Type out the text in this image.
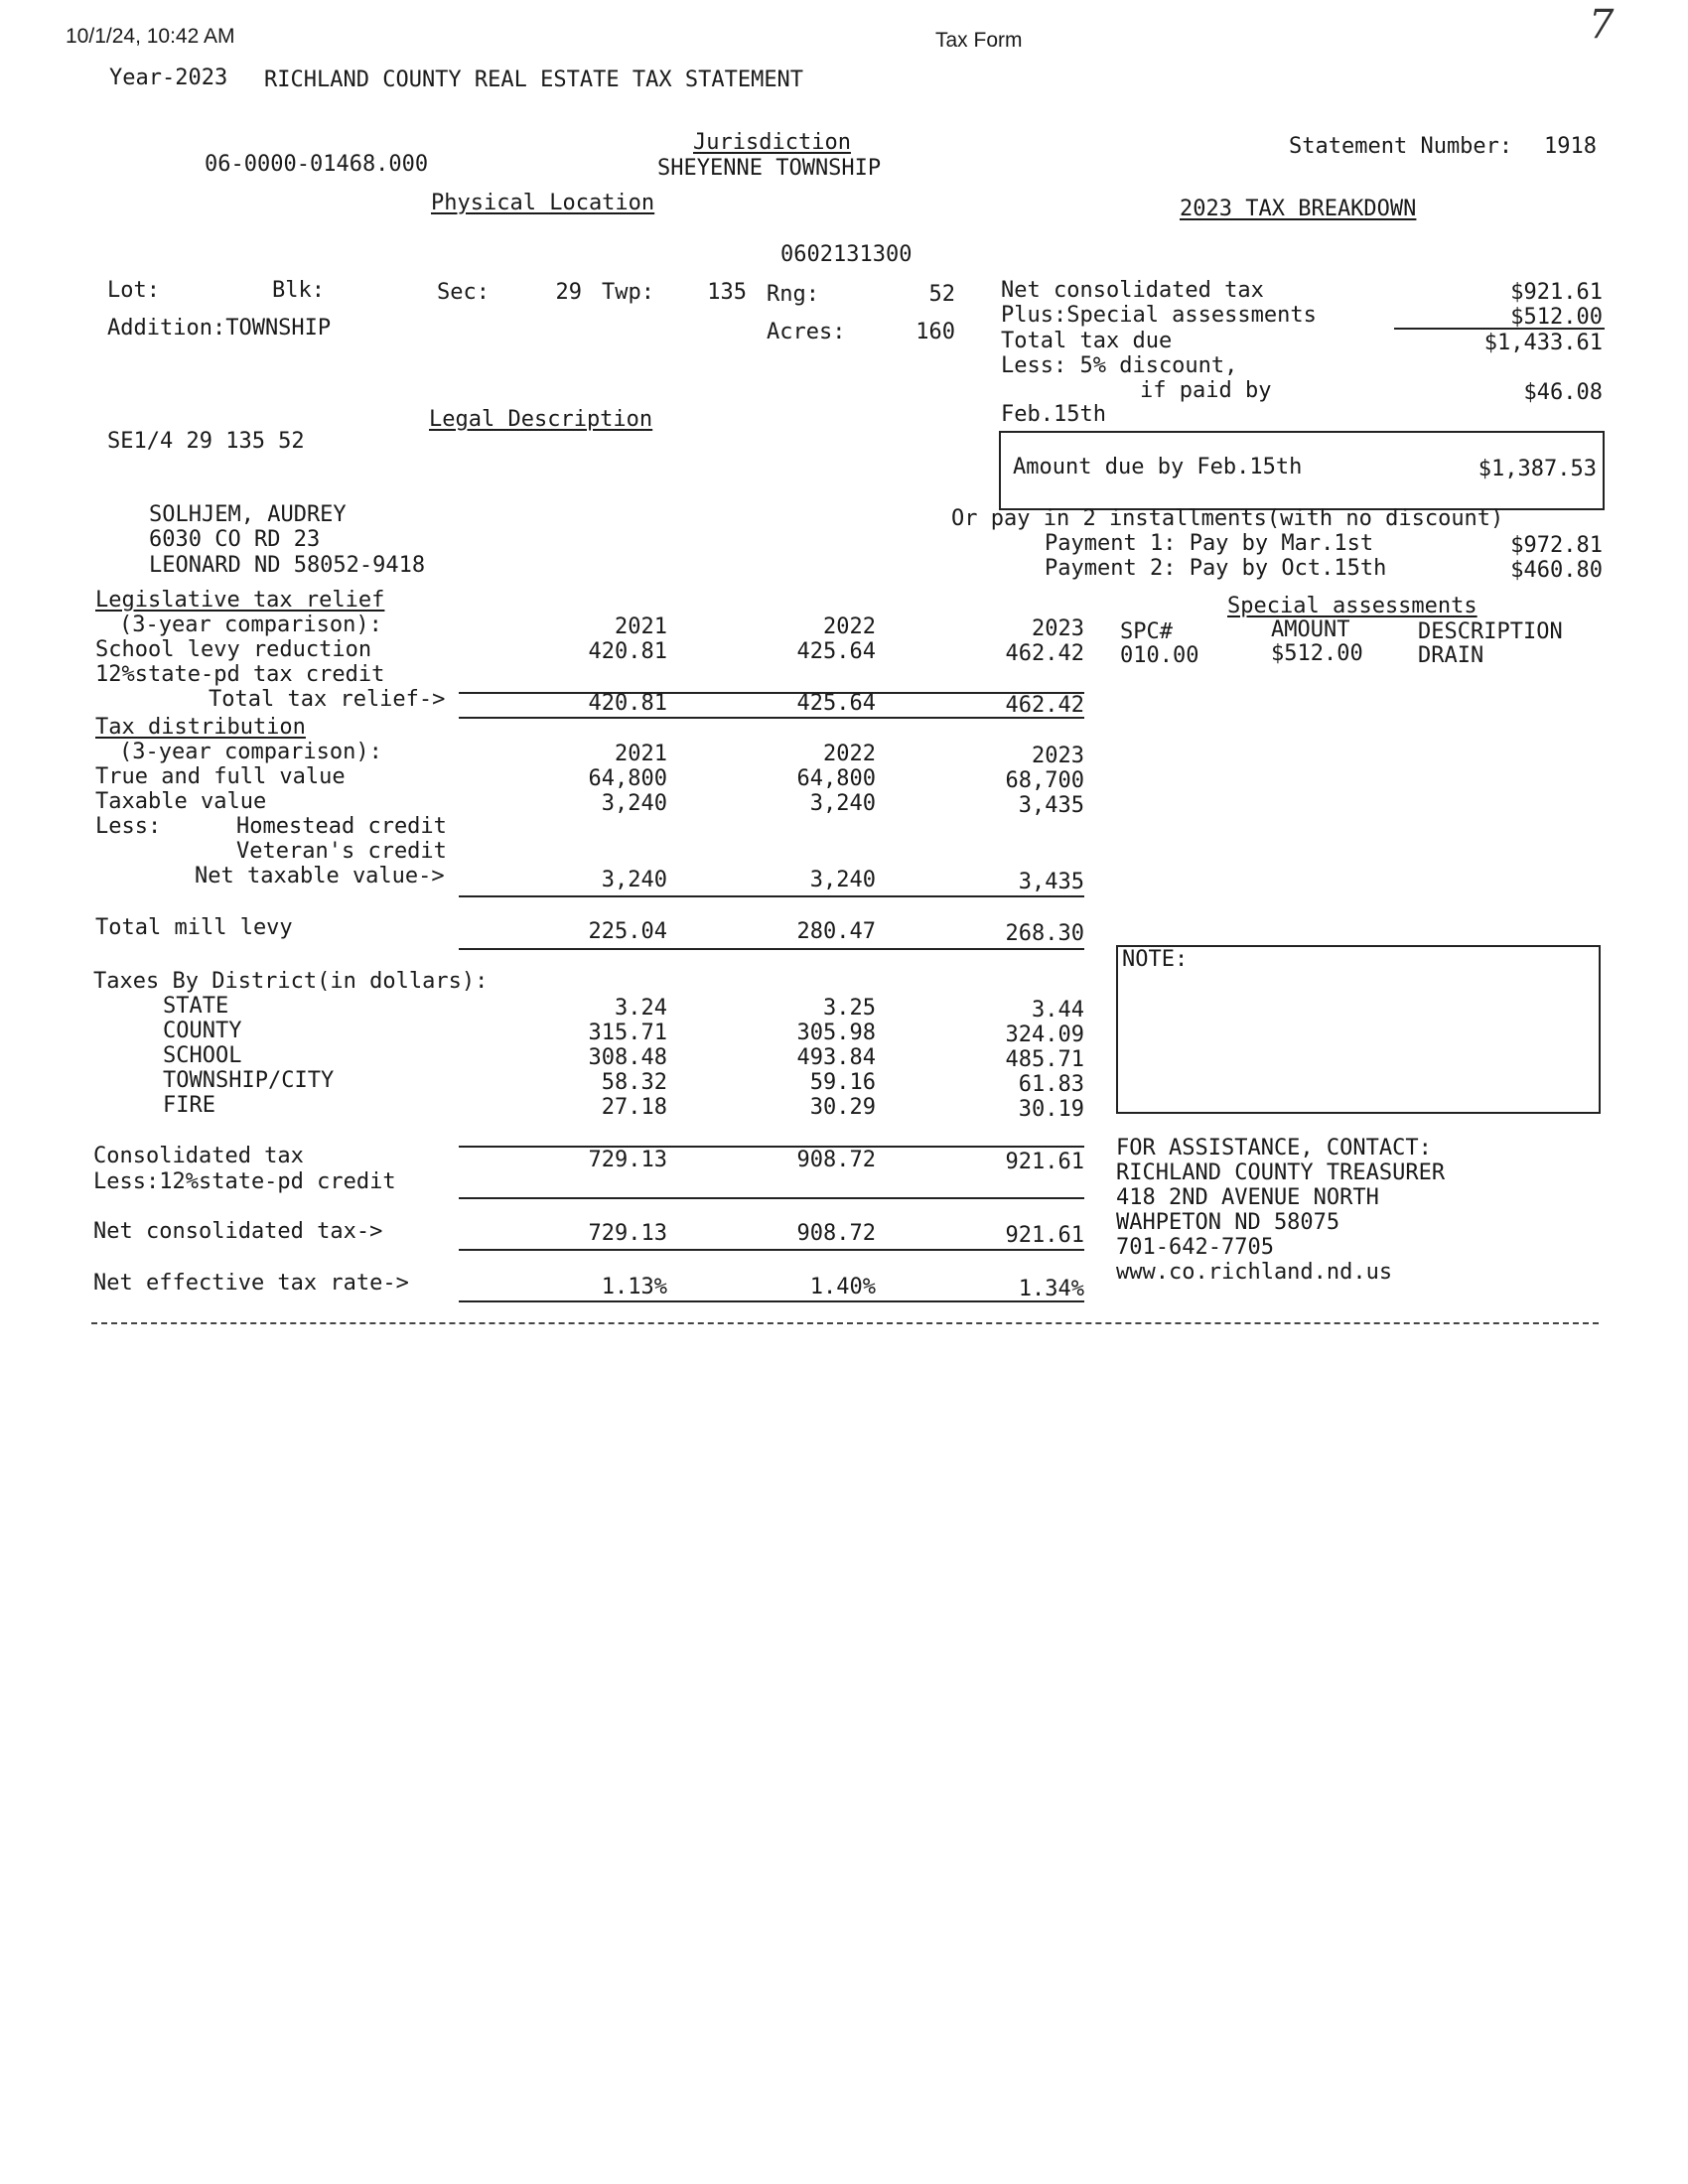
10/1/24, 10:42 AM	Tax Form	7
Year-2023 RICHLAND COUNTY REAL ESTATE TAX STATEMENT
06-0000-01468.000
Jurisdiction
SHEYENNE TOWNSHIP
Statement Number:	1918
Physical Location
0602131300
Lot:	Blk:	Sec:	29 Twp:	135 Rng:	52
Addition:TOWNSHIP	Acres:	160
Legal Description
SE1/4 29 135 52
SOLHJEM, AUDREY
6030 CO RD 23
LEONARD ND 58052-9418
2023 TAX BREAKDOWN
Net consolidated tax	$921.61
Plus:Special assessments	$512.00
Total tax due	$1,433.61
Less: 5% discount,
if paid by	$46.08
Feb.15th
Amount due by Feb.15th	$1,387.53
Or pay in 2 installments(with no discount)
Payment 1: Pay by Mar.1st	$972.81
Payment 2: Pay by Oct.15th	$460.80
Legislative tax relief
(3-year comparison):	2021	2022	2023
School levy reduction	420.81	425.64	462.42
12%state-pd tax credit
Total tax relief->	420.81	425.64	462.42
Special assessments
SPC#	AMOUNT	DESCRIPTION
010.00	$512.00	DRAIN
Tax distribution
(3-year comparison):	2021	2022	2023
True and full value	64,800	64,800	68,700
Taxable value	3,240	3,240	3,435
Less:	Homestead credit
Veteran's credit
Net taxable value->	3,240	3,240	3,435
Total mill levy	225.04	280.47	268.30
NOTE:
Taxes By District(in dollars):
STATE	3.24	3.25	3.44
COUNTY	315.71	305.98	324.09
SCHOOL	308.48	493.84	485.71
TOWNSHIP/CITY	58.32	59.16	61.83
FIRE	27.18	30.29	30.19
Consolidated tax	729.13	908.72	921.61
Less:12%state-pd credit
Net consolidated tax->	729.13	908.72	921.61
Net effective tax rate->	1.13%	1.40%	1.34%
FOR ASSISTANCE, CONTACT:
RICHLAND COUNTY TREASURER
418 2ND AVENUE NORTH
WAHPETON ND 58075
701-642-7705
www.co.richland.nd.us
